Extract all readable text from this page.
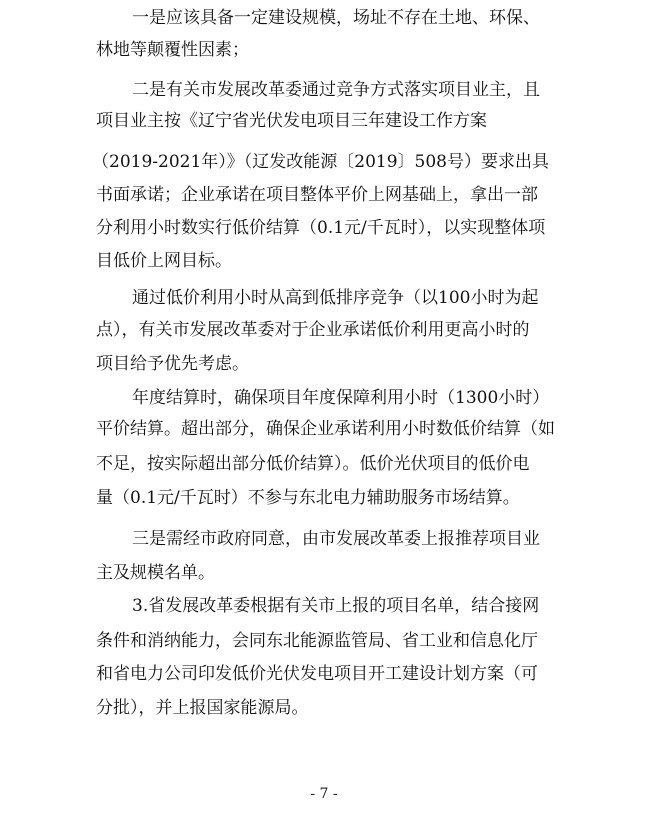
一是应该具备一定建设规模，场址不存在土地、环保、
林地等颠覆性因素；
二是有关市发展改革委通过竞争方式落实项目业主，且
项目业主按《辽宁省光伏发电项目三年建设工作方案
（2019-2021年）》（辽发改能源〔2019〕508号）要求出具
书面承诺；企业承诺在项目整体平价上网基础上，拿出一部
分利用小时数实行低价结算（0.1元/千瓦时），以实现整体项
目低价上网目标。
通过低价利用小时从高到低排序竞争（以100小时为起
点），有关市发展改革委对于企业承诺低价利用更高小时的
项目给予优先考虑。
年度结算时，确保项目年度保障利用小时（1300小时）
平价结算。超出部分，确保企业承诺利用小时数低价结算（如
不足，按实际超出部分低价结算）。低价光伏项目的低价电
量（0.1元/千瓦时）不参与东北电力辅助服务市场结算。
三是需经市政府同意，由市发展改革委上报推荐项目业
主及规模名单。
3.省发展改革委根据有关市上报的项目名单，结合接网
条件和消纳能力，会同东北能源监管局、省工业和信息化厅
和省电力公司印发低价光伏发电项目开工建设计划方案（可
分批），并上报国家能源局。
- 7 -
